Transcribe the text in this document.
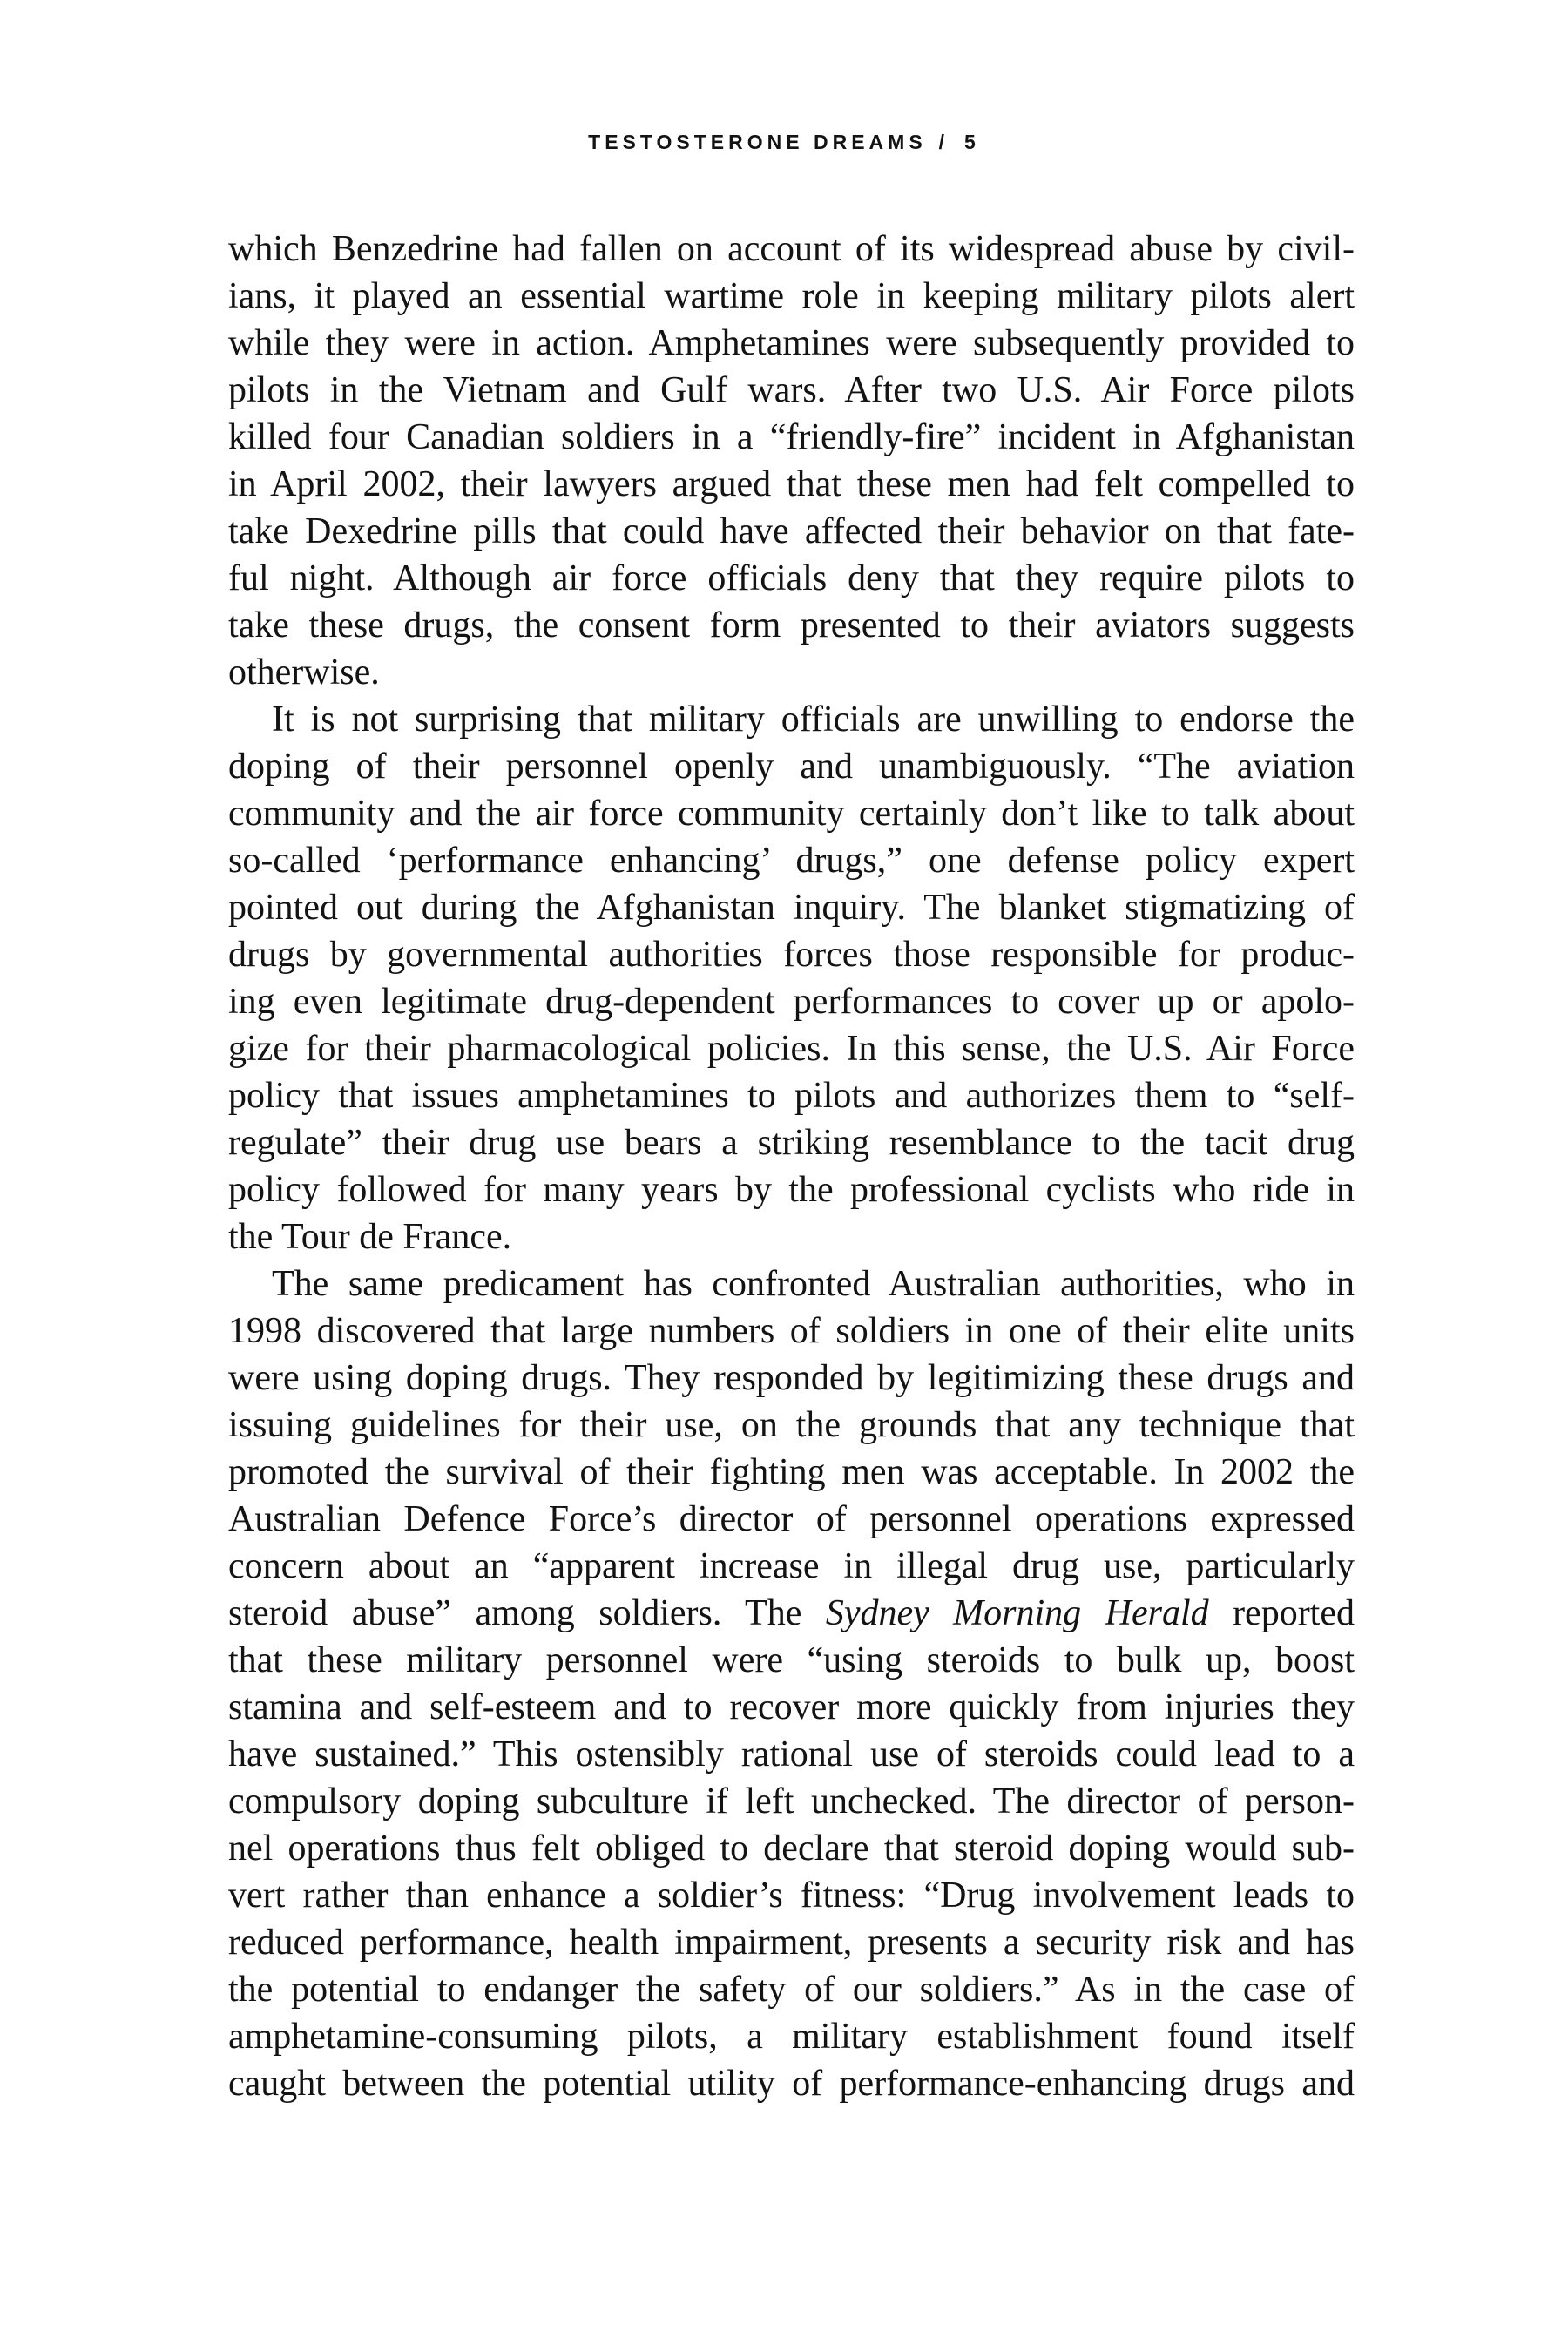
TESTOSTERONE DREAMS / 5
which Benzedrine had fallen on account of its widespread abuse by civil-
ians, it played an essential wartime role in keeping military pilots alert
while they were in action. Amphetamines were subsequently provided to
pilots in the Vietnam and Gulf wars. After two U.S. Air Force pilots
killed four Canadian soldiers in a “friendly-fire” incident in Afghanistan
in April 2002, their lawyers argued that these men had felt compelled to
take Dexedrine pills that could have affected their behavior on that fate-
ful night. Although air force officials deny that they require pilots to
take these drugs, the consent form presented to their aviators suggests
otherwise.
It is not surprising that military officials are unwilling to endorse the
doping of their personnel openly and unambiguously. “The aviation
community and the air force community certainly don’t like to talk about
so-called ‘performance enhancing’ drugs,” one defense policy expert
pointed out during the Afghanistan inquiry. The blanket stigmatizing of
drugs by governmental authorities forces those responsible for produc-
ing even legitimate drug-dependent performances to cover up or apolo-
gize for their pharmacological policies. In this sense, the U.S. Air Force
policy that issues amphetamines to pilots and authorizes them to “self-
regulate” their drug use bears a striking resemblance to the tacit drug
policy followed for many years by the professional cyclists who ride in
the Tour de France.
The same predicament has confronted Australian authorities, who in
1998 discovered that large numbers of soldiers in one of their elite units
were using doping drugs. They responded by legitimizing these drugs and
issuing guidelines for their use, on the grounds that any technique that
promoted the survival of their fighting men was acceptable. In 2002 the
Australian Defence Force’s director of personnel operations expressed
concern about an “apparent increase in illegal drug use, particularly
steroid abuse” among soldiers. The Sydney Morning Herald reported
that these military personnel were “using steroids to bulk up, boost
stamina and self-esteem and to recover more quickly from injuries they
have sustained.” This ostensibly rational use of steroids could lead to a
compulsory doping subculture if left unchecked. The director of person-
nel operations thus felt obliged to declare that steroid doping would sub-
vert rather than enhance a soldier’s fitness: “Drug involvement leads to
reduced performance, health impairment, presents a security risk and has
the potential to endanger the safety of our soldiers.” As in the case of
amphetamine-consuming pilots, a military establishment found itself
caught between the potential utility of performance-enhancing drugs and
